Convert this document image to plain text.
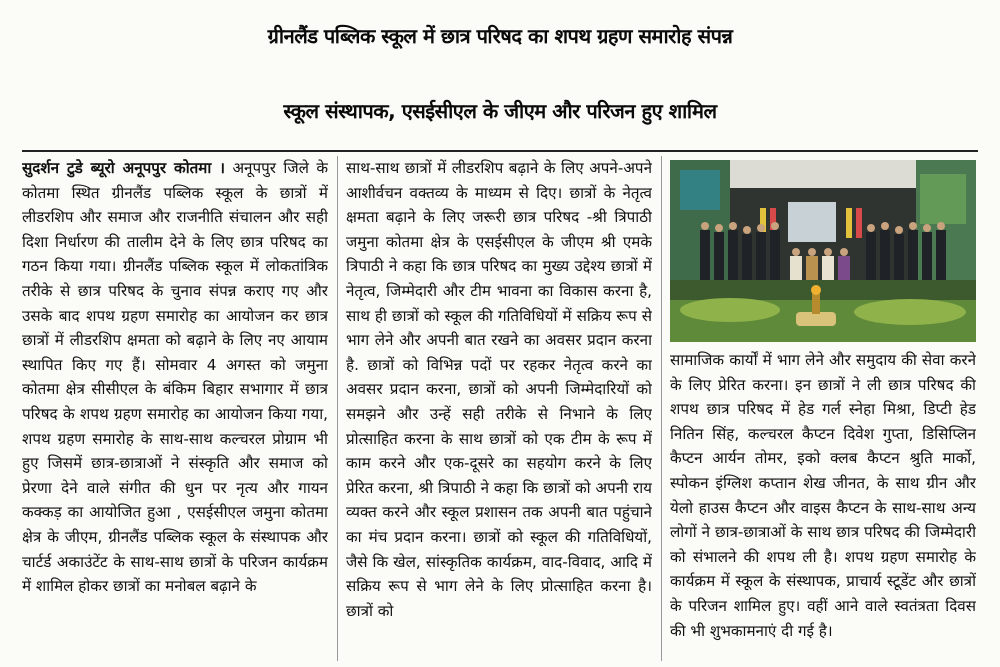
ग्रीनलैंड पब्लिक स्कूल में छात्र परिषद का शपथ ग्रहण समारोह संपन्न
स्कूल संस्थापक, एसईसीएल के जीएम और परिजन हुए शामिल
सुदर्शन टुडे ब्यूरो अनूपपुर कोतमा । अनूपपुर जिले के कोतमा स्थित ग्रीनलैंड पब्लिक स्कूल के छात्रों में लीडरशिप और समाज और राजनीति संचालन और सही दिशा निर्धारण की तालीम देने के लिए छात्र परिषद का गठन किया गया। ग्रीनलैंड पब्लिक स्कूल में लोकतांत्रिक तरीके से छात्र परिषद के चुनाव संपन्न कराए गए और उसके बाद शपथ ग्रहण समारोह का आयोजन कर छात्र छात्रों में लीडरशिप क्षमता को बढ़ाने के लिए नए आयाम स्थापित किए गए हैं। सोमवार 4 अगस्त को जमुना कोतमा क्षेत्र सीसीएल के बंकिम बिहार सभागार में छात्र परिषद के शपथ ग्रहण समारोह का आयोजन किया गया, शपथ ग्रहण समारोह के साथ-साथ कल्चरल प्रोग्राम भी हुए जिसमें छात्र-छात्राओं ने संस्कृति और समाज को प्रेरणा देने वाले संगीत की धुन पर नृत्य और गायन कक्कड़ का आयोजित हुआ , एसईसीएल जमुना कोतमा क्षेत्र के जीएम, ग्रीनलैंड पब्लिक स्कूल के संस्थापक और चार्टर्ड अकाउंटेंट के साथ-साथ छात्रों के परिजन कार्यक्रम में शामिल होकर छात्रों का मनोबल बढ़ाने के
साथ-साथ छात्रों में लीडरशिप बढ़ाने के लिए अपने-अपने आशीर्वचन वक्तव्य के माध्यम से दिए। छात्रों के नेतृत्व क्षमता बढ़ाने के लिए जरूरी छात्र परिषद -श्री त्रिपाठी जमुना कोतमा क्षेत्र के एसईसीएल के जीएम श्री एमके त्रिपाठी ने कहा कि छात्र परिषद का मुख्य उद्देश्य छात्रों में नेतृत्व, जिम्मेदारी और टीम भावना का विकास करना है, साथ ही छात्रों को स्कूल की गतिविधियों में सक्रिय रूप से भाग लेने और अपनी बात रखने का अवसर प्रदान करना है. छात्रों को विभिन्न पदों पर रहकर नेतृत्व करने का अवसर प्रदान करना, छात्रों को अपनी जिम्मेदारियों को समझने और उन्हें सही तरीके से निभाने के लिए प्रोत्साहित करना के साथ छात्रों को एक टीम के रूप में काम करने और एक-दूसरे का सहयोग करने के लिए प्रेरित करना, श्री त्रिपाठी ने कहा कि छात्रों को अपनी राय व्यक्त करने और स्कूल प्रशासन तक अपनी बात पहुंचाने का मंच प्रदान करना। छात्रों को स्कूल की गतिविधियों, जैसे कि खेल, सांस्कृतिक कार्यक्रम, वाद-विवाद, आदि में सक्रिय रूप से भाग लेने के लिए प्रोत्साहित करना है। छात्रों को
सामाजिक कार्यों में भाग लेने और समुदाय की सेवा करने के लिए प्रेरित करना। इन छात्रों ने ली छात्र परिषद की शपथ छात्र परिषद में हेड गर्ल स्नेहा मिश्रा, डिप्टी हेड नितिन सिंह, कल्चरल कैप्टन दिवेश गुप्ता, डिसिप्लिन कैप्टन आर्यन तोमर, इको क्लब कैप्टन श्रुति मार्को, स्पोकन इंग्लिश कप्तान शेख जीनत, के साथ ग्रीन और येलो हाउस कैप्टन और वाइस कैप्टन के साथ-साथ अन्य लोगों ने छात्र-छात्राओं के साथ छात्र परिषद की जिम्मेदारी को संभालने की शपथ ली है। शपथ ग्रहण समारोह के कार्यक्रम में स्कूल के संस्थापक, प्राचार्य स्टूडेंट और छात्रों के परिजन शामिल हुए। वहीं आने वाले स्वतंत्रता दिवस की भी शुभकामनाएं दी गई है।
